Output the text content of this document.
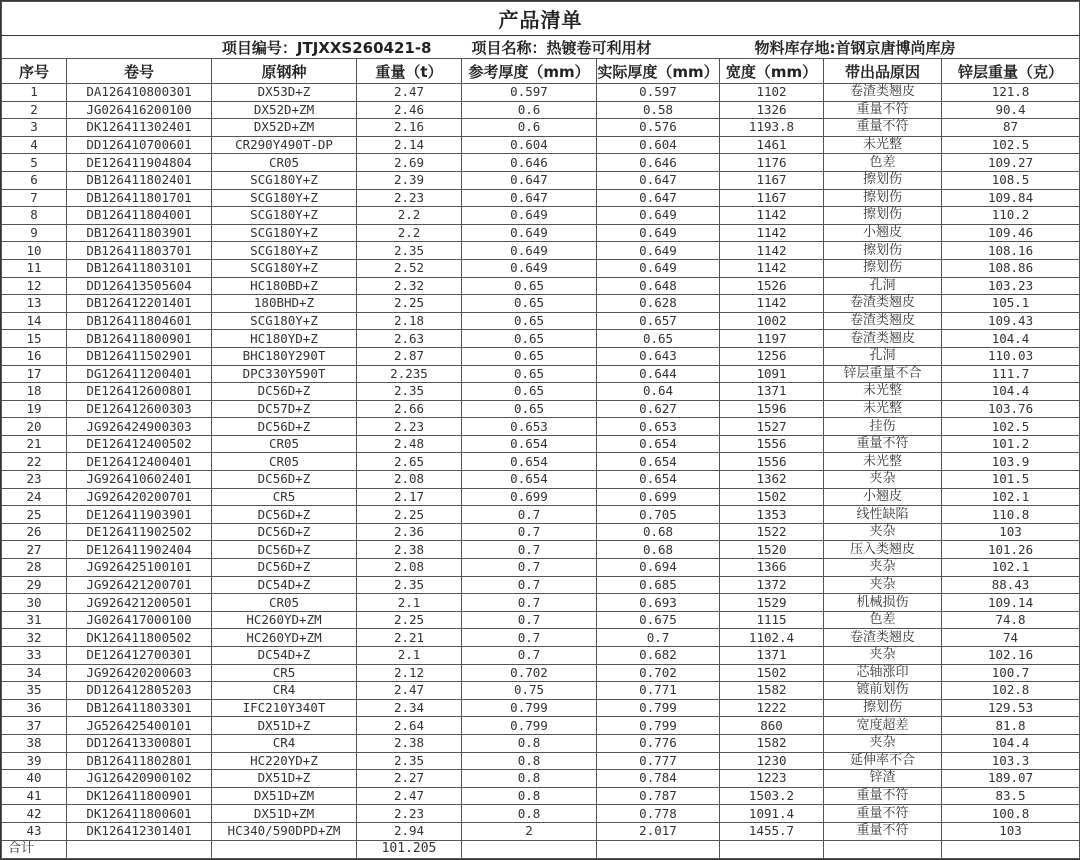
产品清单								
项目编号：JTJXXS260421-8				项目名称：热镀卷可利用材		物料库存地:首钢京唐博尚库房		
序号	卷号	原钢种	重量（t）	参考厚度（mm）	实际厚度（mm）	宽度（mm）	带出品原因	锌层重量（克）
1	DA126410800301	DX53D+Z	2.47	0.597	0.597	1102	卷渣类翘皮	121.8
2	JG026416200100	DX52D+ZM	2.46	0.6	0.58	1326	重量不符	90.4
3	DK126411302401	DX52D+ZM	2.16	0.6	0.576	1193.8	重量不符	87
4	DD126410700601	CR290Y490T-DP	2.14	0.604	0.604	1461	未光整	102.5
5	DE126411904804	CR05	2.69	0.646	0.646	1176	色差	109.27
6	DB126411802401	SCG180Y+Z	2.39	0.647	0.647	1167	擦划伤	108.5
7	DB126411801701	SCG180Y+Z	2.23	0.647	0.647	1167	擦划伤	109.84
8	DB126411804001	SCG180Y+Z	2.2	0.649	0.649	1142	擦划伤	110.2
9	DB126411803901	SCG180Y+Z	2.2	0.649	0.649	1142	小翘皮	109.46
10	DB126411803701	SCG180Y+Z	2.35	0.649	0.649	1142	擦划伤	108.16
11	DB126411803101	SCG180Y+Z	2.52	0.649	0.649	1142	擦划伤	108.86
12	DD126413505604	HC180BD+Z	2.32	0.65	0.648	1526	孔洞	103.23
13	DB126412201401	180BHD+Z	2.25	0.65	0.628	1142	卷渣类翘皮	105.1
14	DB126411804601	SCG180Y+Z	2.18	0.65	0.657	1002	卷渣类翘皮	109.43
15	DB126411800901	HC180YD+Z	2.63	0.65	0.65	1197	卷渣类翘皮	104.4
16	DB126411502901	BHC180Y290T	2.87	0.65	0.643	1256	孔洞	110.03
17	DG126411200401	DPC330Y590T	2.235	0.65	0.644	1091	锌层重量不合	111.7
18	DE126412600801	DC56D+Z	2.35	0.65	0.64	1371	未光整	104.4
19	DE126412600303	DC57D+Z	2.66	0.65	0.627	1596	未光整	103.76
20	JG926424900303	DC56D+Z	2.23	0.653	0.653	1527	挂伤	102.5
21	DE126412400502	CR05	2.48	0.654	0.654	1556	重量不符	101.2
22	DE126412400401	CR05	2.65	0.654	0.654	1556	未光整	103.9
23	JG926410602401	DC56D+Z	2.08	0.654	0.654	1362	夹杂	101.5
24	JG926420200701	CR5	2.17	0.699	0.699	1502	小翘皮	102.1
25	DE126411903901	DC56D+Z	2.25	0.7	0.705	1353	线性缺陷	110.8
26	DE126411902502	DC56D+Z	2.36	0.7	0.68	1522	夹杂	103
27	DE126411902404	DC56D+Z	2.38	0.7	0.68	1520	压入类翘皮	101.26
28	JG926425100101	DC56D+Z	2.08	0.7	0.694	1366	夹杂	102.1
29	JG926421200701	DC54D+Z	2.35	0.7	0.685	1372	夹杂	88.43
30	JG926421200501	CR05	2.1	0.7	0.693	1529	机械损伤	109.14
31	JG026417000100	HC260YD+ZM	2.25	0.7	0.675	1115	色差	74.8
32	DK126411800502	HC260YD+ZM	2.21	0.7	0.7	1102.4	卷渣类翘皮	74
33	DE126412700301	DC54D+Z	2.1	0.7	0.682	1371	夹杂	102.16
34	JG926420200603	CR5	2.12	0.702	0.702	1502	芯轴涨印	100.7
35	DD126412805203	CR4	2.47	0.75	0.771	1582	镀前划伤	102.8
36	DB126411803301	IFC210Y340T	2.34	0.799	0.799	1222	擦划伤	129.53
37	JG526425400101	DX51D+Z	2.64	0.799	0.799	860	宽度超差	81.8
38	DD126413300801	CR4	2.38	0.8	0.776	1582	夹杂	104.4
39	DB126411802801	HC220YD+Z	2.35	0.8	0.777	1230	延伸率不合	103.3
40	JG126420900102	DX51D+Z	2.27	0.8	0.784	1223	锌渣	189.07
41	DK126411800901	DX51D+ZM	2.47	0.8	0.787	1503.2	重量不符	83.5
42	DK126411800601	DX51D+ZM	2.23	0.8	0.778	1091.4	重量不符	100.8
43	DK126412301401	HC340/590DPD+ZM	2.94	2	2.017	1455.7	重量不符	103
合计			101.205					
